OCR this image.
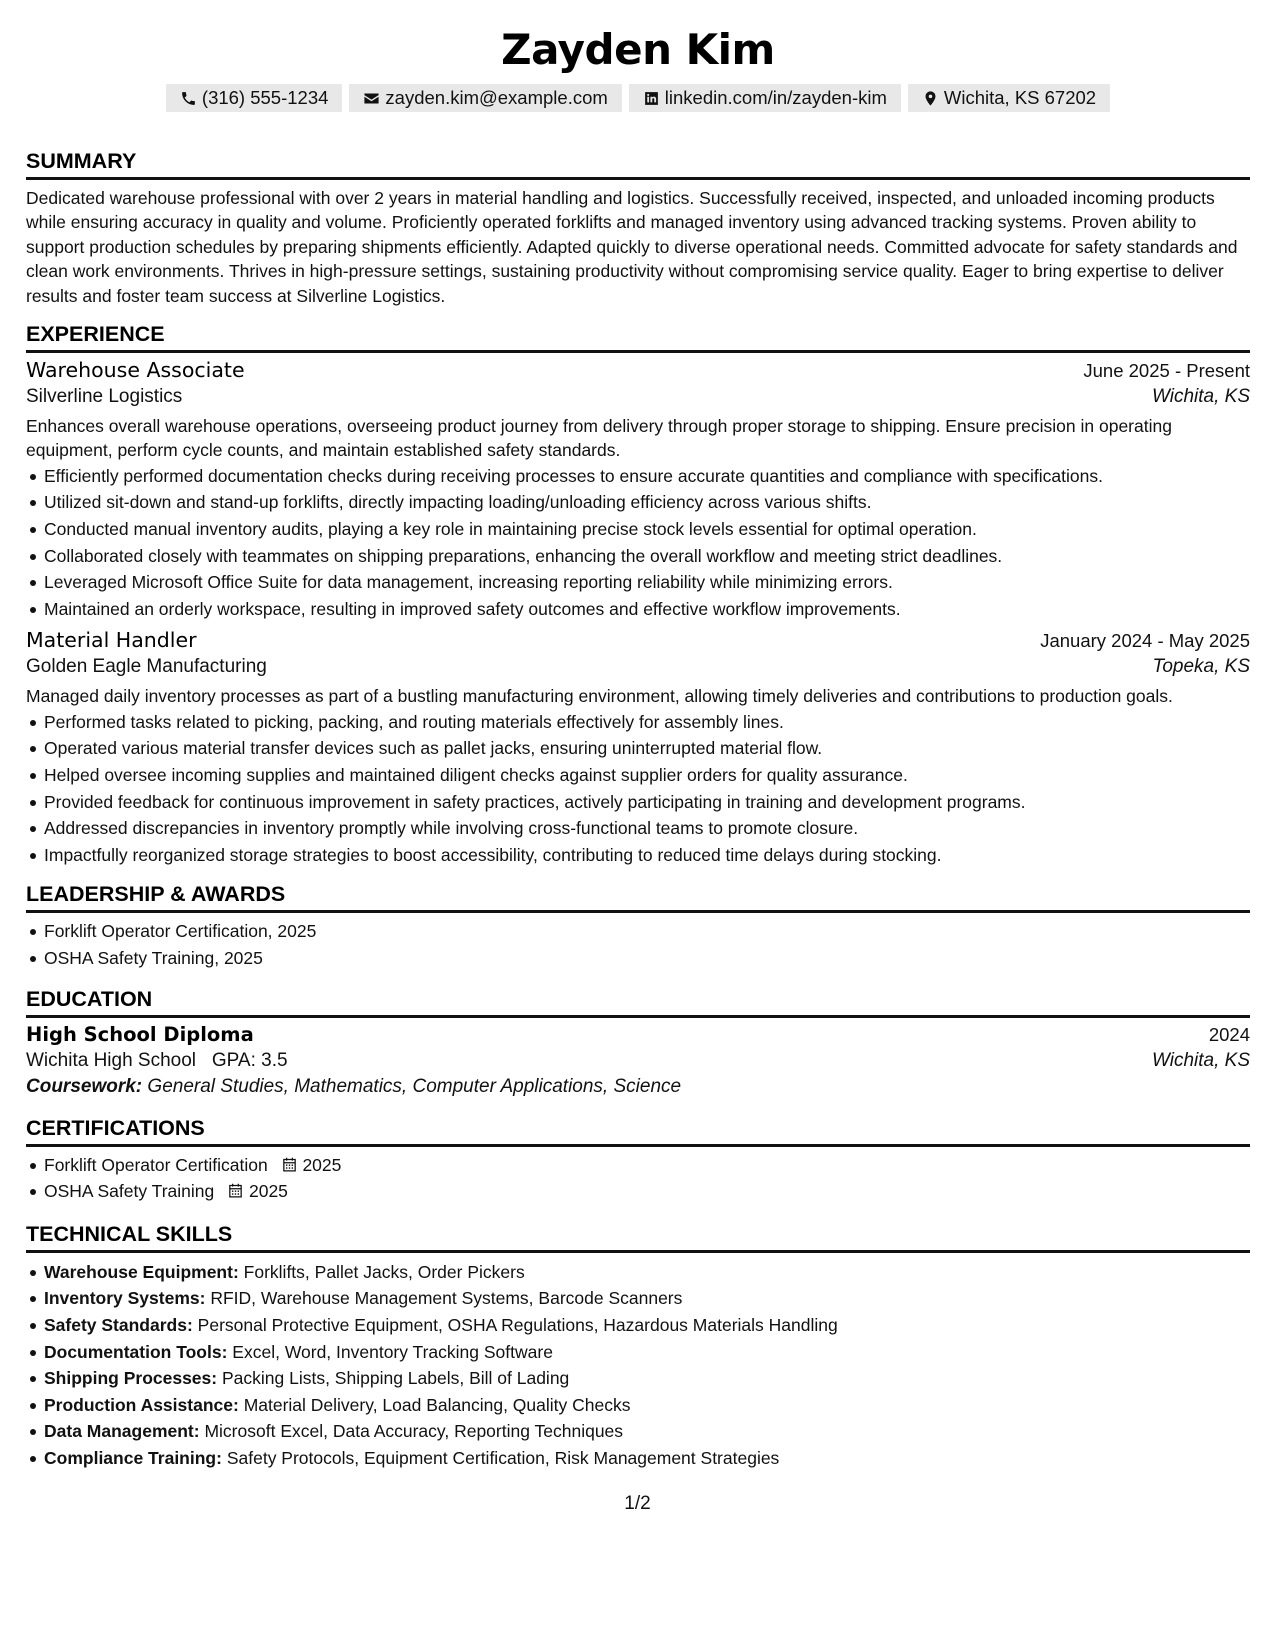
Zayden Kim
(316) 555-1234	zayden.kim@example.com	linkedin.com/in/zayden-kim	Wichita, KS 67202
SUMMARY
Dedicated warehouse professional with over 2 years in material handling and logistics. Successfully received, inspected, and unloaded incoming products while ensuring accuracy in quality and volume. Proficiently operated forklifts and managed inventory using advanced tracking systems. Proven ability to support production schedules by preparing shipments efficiently. Adapted quickly to diverse operational needs. Committed advocate for safety standards and clean work environments. Thrives in high-pressure settings, sustaining productivity without compromising service quality. Eager to bring expertise to deliver results and foster team success at Silverline Logistics.
EXPERIENCE
Warehouse Associate	June 2025 - Present
Silverline Logistics	Wichita, KS
Enhances overall warehouse operations, overseeing product journey from delivery through proper storage to shipping. Ensure precision in operating equipment, perform cycle counts, and maintain established safety standards.
Efficiently performed documentation checks during receiving processes to ensure accurate quantities and compliance with specifications.
Utilized sit-down and stand-up forklifts, directly impacting loading/unloading efficiency across various shifts.
Conducted manual inventory audits, playing a key role in maintaining precise stock levels essential for optimal operation.
Collaborated closely with teammates on shipping preparations, enhancing the overall workflow and meeting strict deadlines.
Leveraged Microsoft Office Suite for data management, increasing reporting reliability while minimizing errors.
Maintained an orderly workspace, resulting in improved safety outcomes and effective workflow improvements.
Material Handler	January 2024 - May 2025
Golden Eagle Manufacturing	Topeka, KS
Managed daily inventory processes as part of a bustling manufacturing environment, allowing timely deliveries and contributions to production goals.
Performed tasks related to picking, packing, and routing materials effectively for assembly lines.
Operated various material transfer devices such as pallet jacks, ensuring uninterrupted material flow.
Helped oversee incoming supplies and maintained diligent checks against supplier orders for quality assurance.
Provided feedback for continuous improvement in safety practices, actively participating in training and development programs.
Addressed discrepancies in inventory promptly while involving cross-functional teams to promote closure.
Impactfully reorganized storage strategies to boost accessibility, contributing to reduced time delays during stocking.
LEADERSHIP & AWARDS
Forklift Operator Certification, 2025
OSHA Safety Training, 2025
EDUCATION
High School Diploma	2024
Wichita High School GPA: 3.5	Wichita, KS
Coursework: General Studies, Mathematics, Computer Applications, Science
CERTIFICATIONS
Forklift Operator Certification 2025
OSHA Safety Training 2025
TECHNICAL SKILLS
Warehouse Equipment: Forklifts, Pallet Jacks, Order Pickers
Inventory Systems: RFID, Warehouse Management Systems, Barcode Scanners
Safety Standards: Personal Protective Equipment, OSHA Regulations, Hazardous Materials Handling
Documentation Tools: Excel, Word, Inventory Tracking Software
Shipping Processes: Packing Lists, Shipping Labels, Bill of Lading
Production Assistance: Material Delivery, Load Balancing, Quality Checks
Data Management: Microsoft Excel, Data Accuracy, Reporting Techniques
Compliance Training: Safety Protocols, Equipment Certification, Risk Management Strategies
1/2
